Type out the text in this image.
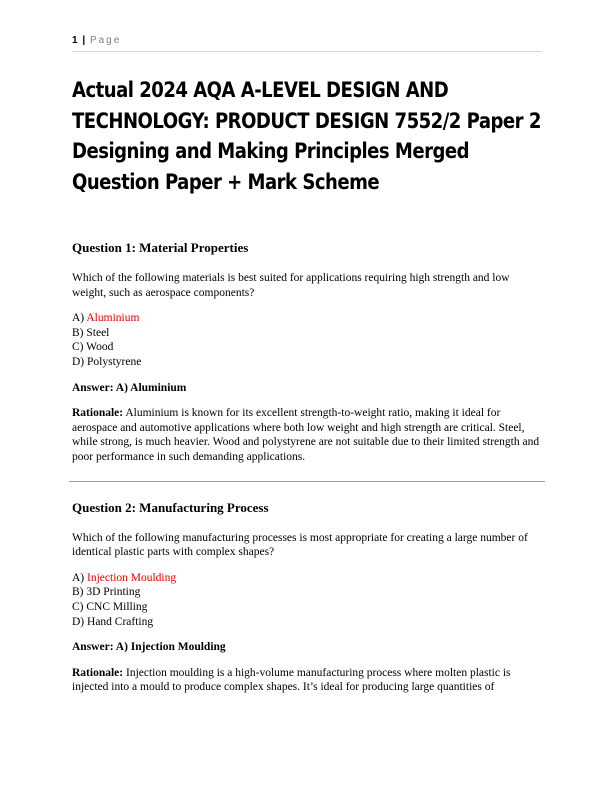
1 | Page
Actual 2024 AQA A-LEVEL DESIGN AND TECHNOLOGY: PRODUCT DESIGN 7552/2 Paper 2 Designing and Making Principles Merged Question Paper + Mark Scheme
Question 1: Material Properties

Which of the following materials is best suited for applications requiring high strength and low weight, such as aerospace components?

A) Aluminium
B) Steel
C) Wood
D) Polystyrene

Answer: A) Aluminium

Rationale: Aluminium is known for its excellent strength-to-weight ratio, making it ideal for aerospace and automotive applications where both low weight and high strength are critical. Steel, while strong, is much heavier. Wood and polystyrene are not suitable due to their limited strength and poor performance in such demanding applications.

Question 2: Manufacturing Process

Which of the following manufacturing processes is most appropriate for creating a large number of identical plastic parts with complex shapes?

A) Injection Moulding
B) 3D Printing
C) CNC Milling
D) Hand Crafting

Answer: A) Injection Moulding

Rationale: Injection moulding is a high-volume manufacturing process where molten plastic is injected into a mould to produce complex shapes. It’s ideal for producing large quantities of
